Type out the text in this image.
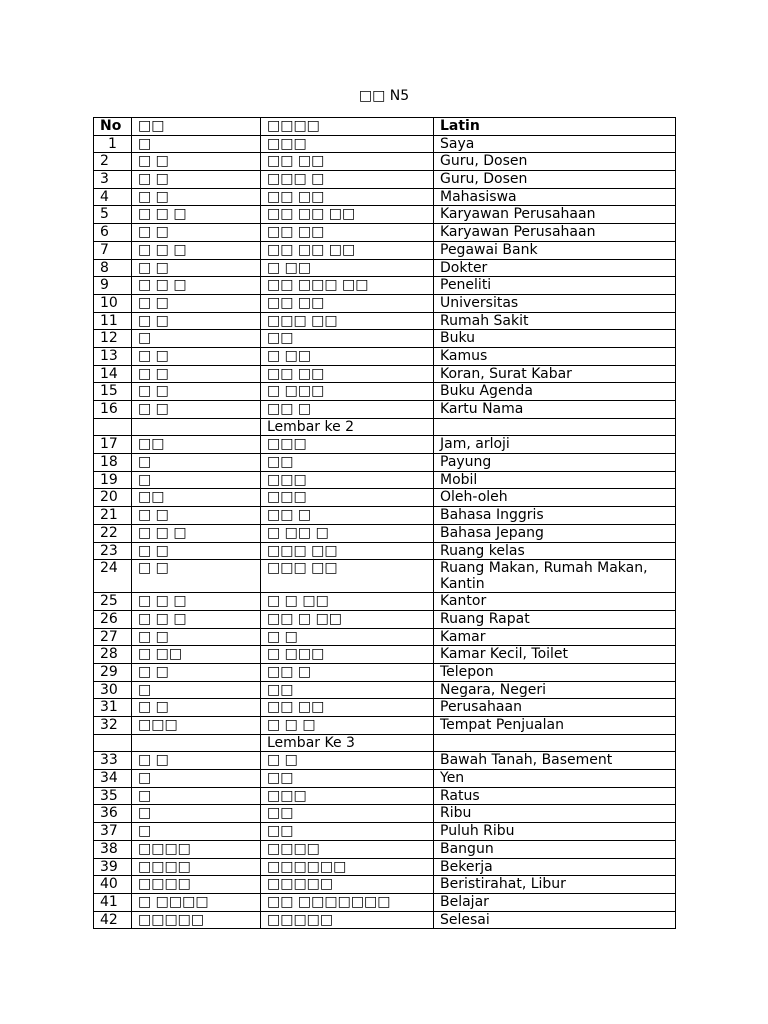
□□ N5
No	□□	□□□□	Latin
1	□	□□□	Saya
2	□ □	□□ □□	Guru, Dosen
3	□ □	□□□ □	Guru, Dosen
4	□ □	□□ □□	Mahasiswa
5	□ □ □	□□ □□ □□	Karyawan Perusahaan
6	□ □	□□ □□	Karyawan Perusahaan
7	□ □ □	□□ □□ □□	Pegawai Bank
8	□ □	□ □□	Dokter
9	□ □ □	□□ □□□ □□	Peneliti
10	□ □	□□ □□	Universitas
11	□ □	□□□ □□	Rumah Sakit
12	□	□□	Buku
13	□ □	□ □□	Kamus
14	□ □	□□ □□	Koran, Surat Kabar
15	□ □	□ □□□	Buku Agenda
16	□ □	□□ □	Kartu Nama
		Lembar ke 2	
17	□□	□□□	Jam, arloji
18	□	□□	Payung
19	□	□□□	Mobil
20	□□	□□□	Oleh-oleh
21	□ □	□□ □	Bahasa Inggris
22	□ □ □	□ □□ □	Bahasa Jepang
23	□ □	□□□ □□	Ruang kelas
24	□ □	□□□ □□	Ruang Makan, Rumah Makan, Kantin
25	□ □ □	□ □ □□	Kantor
26	□ □ □	□□ □ □□	Ruang Rapat
27	□ □	□ □	Kamar
28	□ □□	□ □□□	Kamar Kecil, Toilet
29	□ □	□□ □	Telepon
30	□	□□	Negara, Negeri
31	□ □	□□ □□	Perusahaan
32	□□□	□ □ □	Tempat Penjualan
		Lembar Ke 3	
33	□ □	□ □	Bawah Tanah, Basement
34	□	□□	Yen
35	□	□□□	Ratus
36	□	□□	Ribu
37	□	□□	Puluh Ribu
38	□□□□	□□□□	Bangun
39	□□□□	□□□□□□	Bekerja
40	□□□□	□□□□□	Beristirahat, Libur
41	□ □□□□	□□ □□□□□□□	Belajar
42	□□□□□	□□□□□	Selesai
